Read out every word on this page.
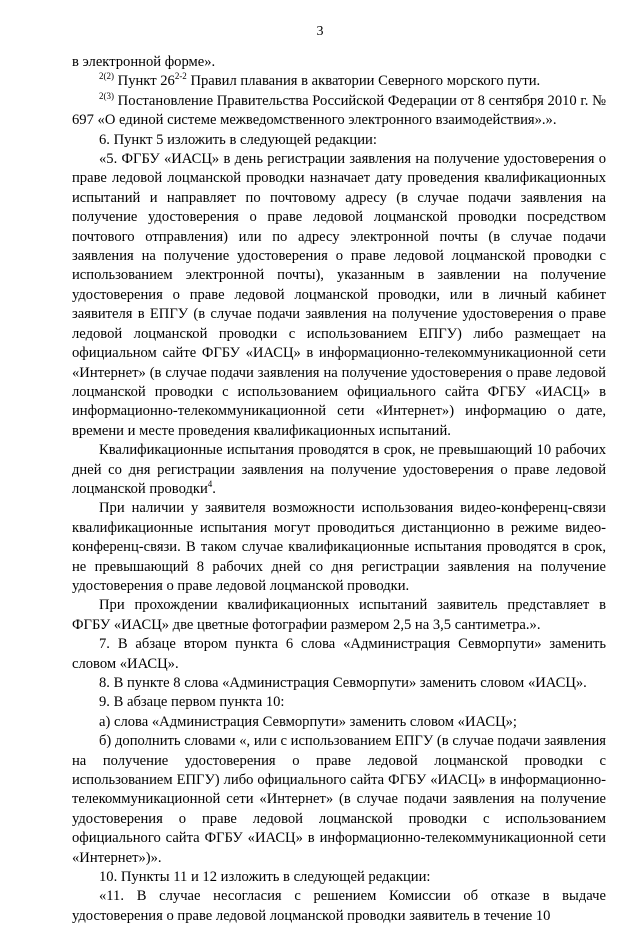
3

в электронной форме».

$^{2(2)}$ Пункт 26$^{2-2}$ Правил плавания в акватории Северного морского пути.

$^{2(3)}$ Постановление Правительства Российской Федерации от 8 сентября 2010 г. № 697 «О единой системе межведомственного электронного взаимодействия».».

6. Пункт 5 изложить в следующей редакции:

«5. ФГБУ «ИАСЦ» в день регистрации заявления на получение удостоверения о праве ледовой лоцманской проводки назначает дату проведения квалификационных испытаний и направляет по почтовому адресу (в случае подачи заявления на получение удостоверения о праве ледовой лоцманской проводки посредством почтового отправления) или по адресу электронной почты (в случае подачи заявления на получение удостоверения о праве ледовой лоцманской проводки с использованием электронной почты), указанным в заявлении на получение удостоверения о праве ледовой лоцманской проводки, или в личный кабинет заявителя в ЕПГУ (в случае подачи заявления на получение удостоверения о праве ледовой лоцманской проводки с использованием ЕПГУ) либо размещает на официальном сайте ФГБУ «ИАСЦ» в информационно-телекоммуникационной сети «Интернет» (в случае подачи заявления на получение удостоверения о праве ледовой лоцманской проводки с использованием официального сайта ФГБУ «ИАСЦ» в информационно-телекоммуникационной сети «Интернет») информацию о дате, времени и месте проведения квалификационных испытаний.

Квалификационные испытания проводятся в срок, не превышающий 10 рабочих дней со дня регистрации заявления на получение удостоверения о праве ледовой лоцманской проводки$^4$.

При наличии у заявителя возможности использования видео-конференц-связи квалификационные испытания могут проводиться дистанционно в режиме видео-конференц-связи. В таком случае квалификационные испытания проводятся в срок, не превышающий 8 рабочих дней со дня регистрации заявления на получение удостоверения о праве ледовой лоцманской проводки.

При прохождении квалификационных испытаний заявитель представляет в ФГБУ «ИАСЦ» две цветные фотографии размером 2,5 на 3,5 сантиметра.».

7. В абзаце втором пункта 6 слова «Администрация Севморпути» заменить словом «ИАСЦ».

8. В пункте 8 слова «Администрация Севморпути» заменить словом «ИАСЦ».

9. В абзаце первом пункта 10:

а) слова «Администрация Севморпути» заменить словом «ИАСЦ»;

б) дополнить словами «, или с использованием ЕПГУ (в случае подачи заявления на получение удостоверения о праве ледовой лоцманской проводки с использованием ЕПГУ) либо официального сайта ФГБУ «ИАСЦ» в информационно-телекоммуникационной сети «Интернет» (в случае подачи заявления на получение удостоверения о праве ледовой лоцманской проводки с использованием официального сайта ФГБУ «ИАСЦ» в информационно-телекоммуникационной сети «Интернет»)».

10. Пункты 11 и 12 изложить в следующей редакции:

«11. В случае несогласия с решением Комиссии об отказе в выдаче удостоверения о праве ледовой лоцманской проводки заявитель в течение 10
